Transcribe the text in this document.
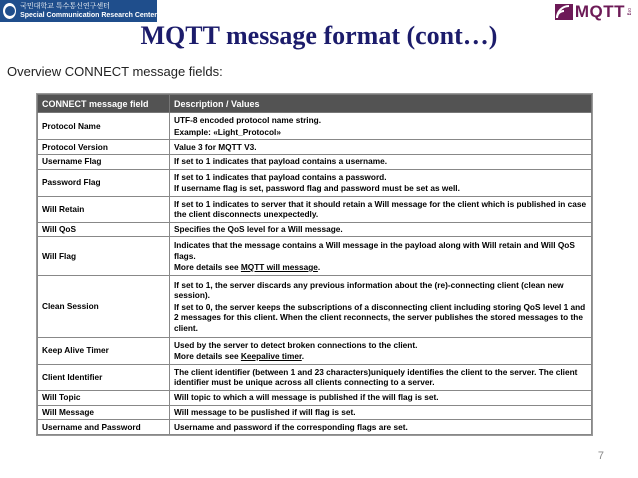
국민대학교 특수통신연구센터
Special Communication Research Center	MQTT org
MQTT message format (cont…)
Overview CONNECT message fields:
CONNECT message field	Description / Values
Protocol Name	UTF-8 encoded protocol name string.
Example: «Light_Protocol»

Protocol Version	Value 3 for MQTT V3.

Username Flag	If set to 1 indicates that payload contains a username.

Password Flag	If set to 1 indicates that payload contains a password.
If username flag is set, password flag and password must be set as well.

Will Retain	If set to 1 indicates to server that it should retain a Will message for the client which is published in case the client disconnects unexpectedly.

Will QoS	Specifies the QoS level for a Will message.

Will Flag	Indicates that the message contains a Will message in the payload along with Will retain and Will QoS flags.
More details see MQTT will message.

Clean Session	If set to 1, the server discards any previous information about the (re)-connecting client (clean new session).
If set to 0, the server keeps the subscriptions of a disconnecting client including storing QoS level 1 and 2 messages for this client. When the client reconnects, the server publishes the stored messages to the client.

Keep Alive Timer	Used by the server to detect broken connections to the client.
More details see Keepalive timer.

Client Identifier	The client identifier (between 1 and 23 characters)uniquely identifies the client to the server. The client identifier must be unique across all clients connecting to a server.

Will Topic	Will topic to which a will message is published if the will flag is set.

Will Message	Will message to be puslished if will flag is set.

Username and Password	Username and password if the corresponding flags are set.
7
